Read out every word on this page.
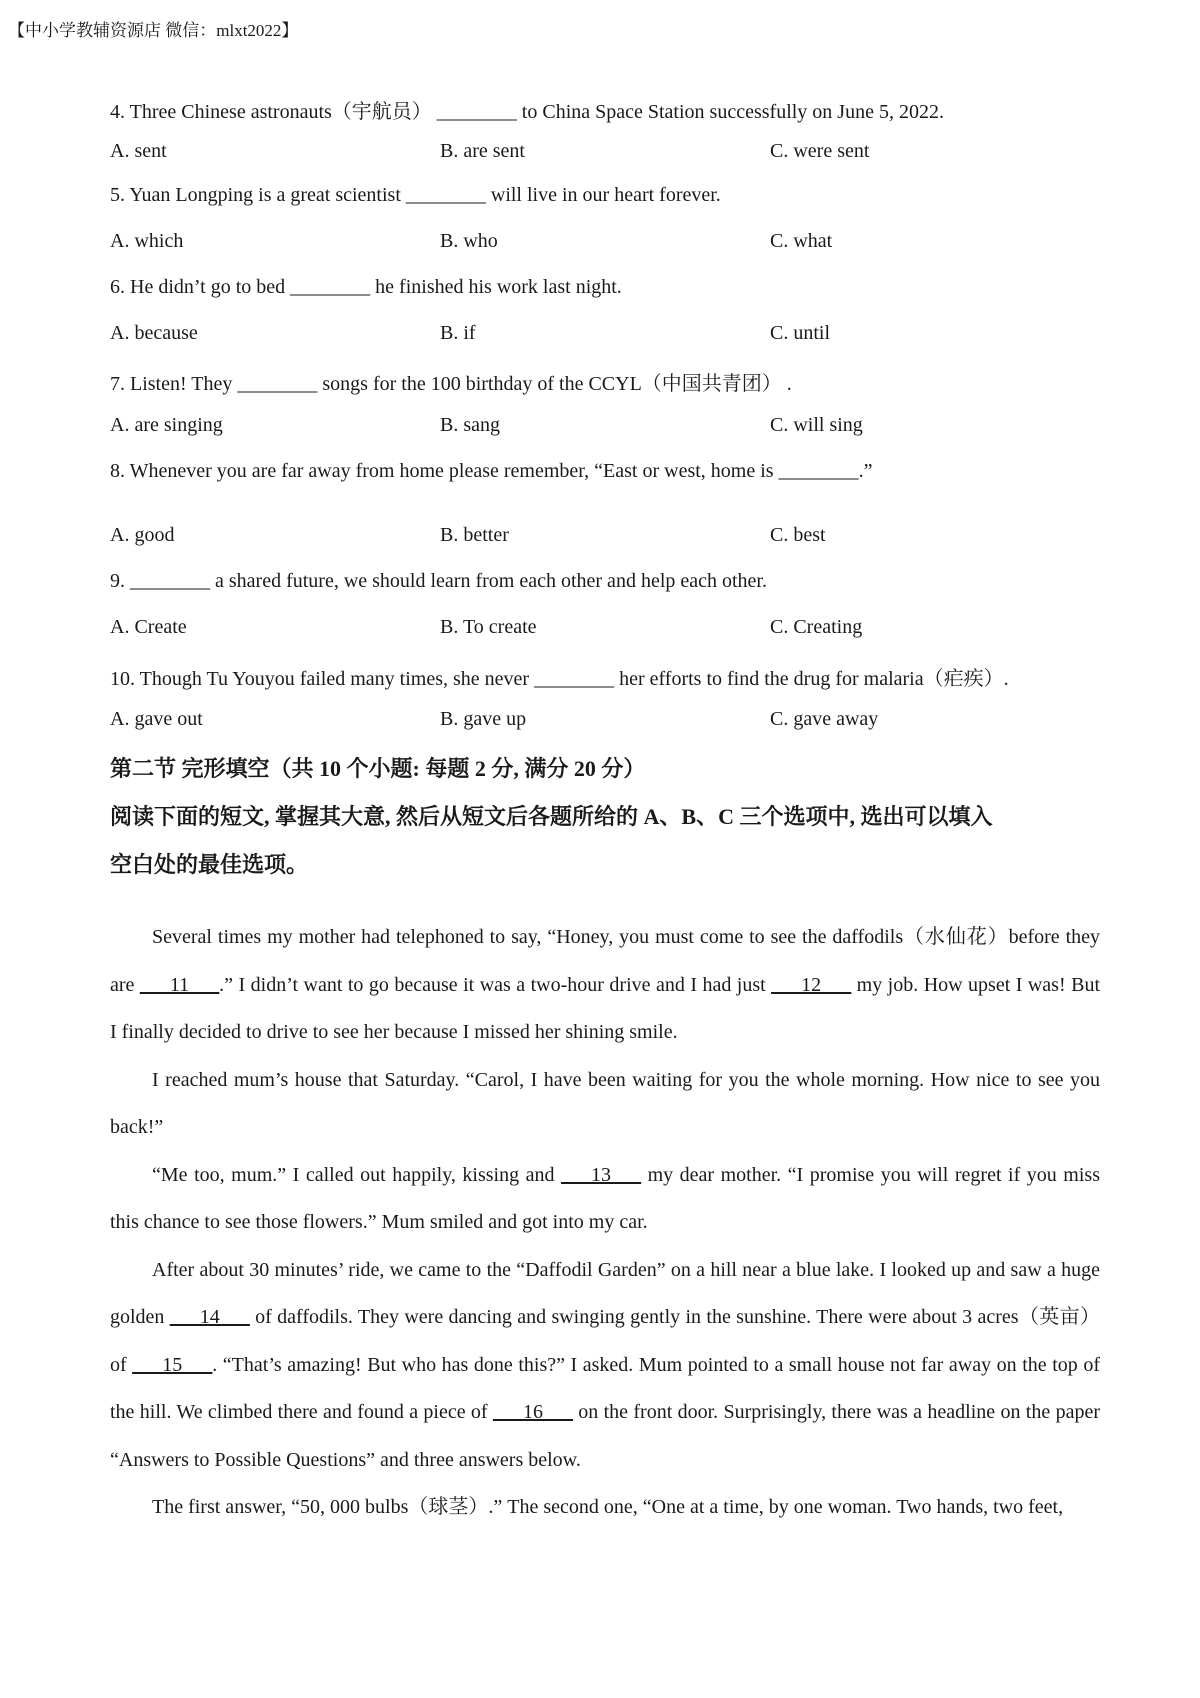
【中小学教辅资源店 微信：mlxt2022】
4. Three Chinese astronauts（宇航员） ________ to China Space Station successfully on June 5, 2022.
A. sent	B. are sent	C. were sent
5. Yuan Longping is a great scientist ________ will live in our heart forever.
A. which	B. who	C. what
6. He didn’t go to bed ________ he finished his work last night.
A. because	B. if	C. until
7. Listen! They ________ songs for the 100 birthday of the CCYL（中国共青团） .
A. are singing	B. sang	C. will sing
8. Whenever you are far away from home please remember, “East or west, home is ________.”
A. good	B. better	C. best
9. ________ a shared future, we should learn from each other and help each other.
A. Create	B. To create	C. Creating
10. Though Tu Youyou failed many times, she never ________ her efforts to find the drug for malaria（疟疾）.
A. gave out	B. gave up	C. gave away
第二节 完形填空（共 10 个小题: 每题 2 分, 满分 20 分）
阅读下面的短文, 掌握其大意, 然后从短文后各题所给的 A、B、C 三个选项中, 选出可以填入
空白处的最佳选项。

Several times my mother had telephoned to say, “Honey, you must come to see the daffodils（水仙花）before they are ___11___.” I didn’t want to go because it was a two-hour drive and I had just ___12___ my job. How upset I was! But I finally decided to drive to see her because I missed her shining smile.

I reached mum’s house that Saturday. “Carol, I have been waiting for you the whole morning. How nice to see you back!”

“Me too, mum.” I called out happily, kissing and ___13___ my dear mother. “I promise you will regret if you miss this chance to see those flowers.” Mum smiled and got into my car.

After about 30 minutes’ ride, we came to the “Daffodil Garden” on a hill near a blue lake. I looked up and saw a huge golden ___14___ of daffodils. They were dancing and swinging gently in the sunshine. There were about 3 acres（英亩）of ___15___. “That’s amazing! But who has done this?” I asked. Mum pointed to a small house not far away on the top of the hill. We climbed there and found a piece of ___16___ on the front door. Surprisingly, there was a headline on the paper “Answers to Possible Questions” and three answers below.

The first answer, “50, 000 bulbs（球茎）.” The second one, “One at a time, by one woman. Two hands, two feet,
